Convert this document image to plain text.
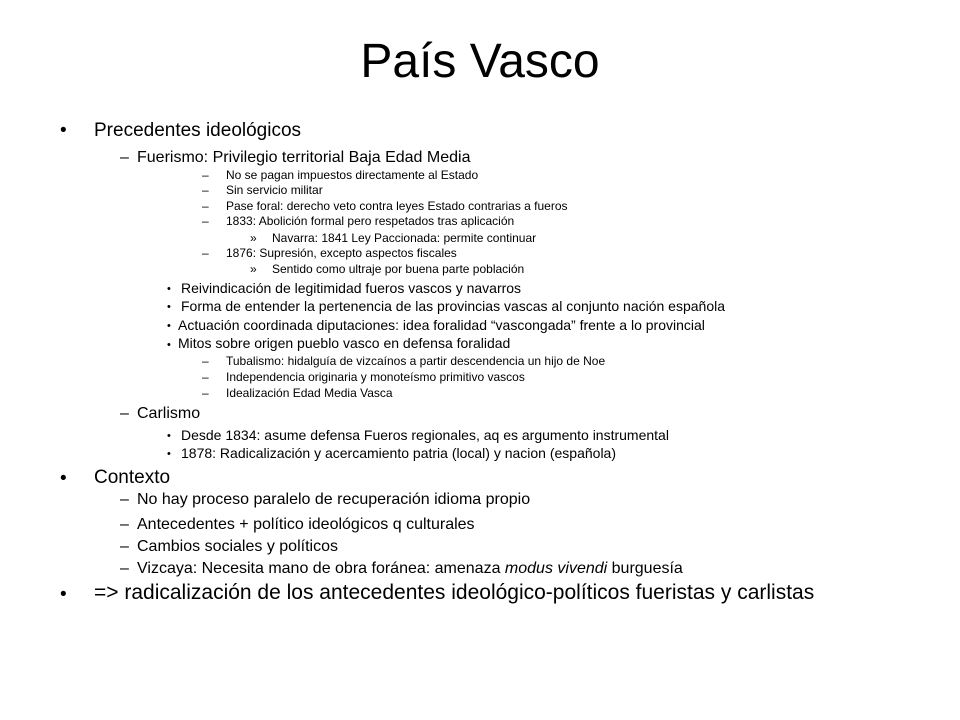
País Vasco
• Precedentes ideológicos
– Fuerismo: Privilegio territorial Baja Edad Media
– No se pagan impuestos directamente al Estado
– Sin servicio militar
– Pase foral: derecho veto contra leyes Estado contrarias a fueros
– 1833: Abolición formal pero respetados tras aplicación
» Navarra: 1841 Ley Paccionada: permite continuar
– 1876: Supresión, excepto aspectos fiscales
» Sentido como ultraje por buena parte población
• Reivindicación de legitimidad fueros vascos y navarros
• Forma de entender la pertenencia de las provincias vascas al conjunto nación española
• Actuación coordinada diputaciones: idea foralidad “vascongada” frente a lo provincial
• Mitos sobre origen pueblo vasco en defensa foralidad
– Tubalismo: hidalguía de vizcaínos a partir descendencia un hijo de Noe
– Independencia originaria y monoteísmo primitivo vascos
– Idealización Edad Media Vasca
– Carlismo
• Desde 1834: asume defensa Fueros regionales, aq es argumento instrumental
• 1878: Radicalización y acercamiento patria (local) y nacion (española)
• Contexto
– No hay proceso paralelo de recuperación idioma propio
– Antecedentes + político ideológicos q culturales
– Cambios sociales y políticos
– Vizcaya: Necesita mano de obra foránea: amenaza modus vivendi burguesía
• => radicalización de los antecedentes ideológico-políticos fueristas y carlistas
